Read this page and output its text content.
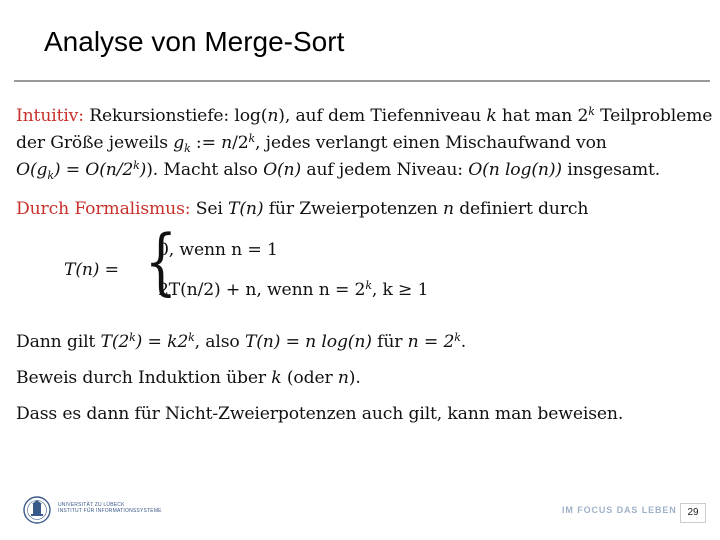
Analyse von Merge-Sort
Intuitiv: Rekursionstiefe: log(n), auf dem Tiefenniveau k hat man 2$^k$ Teilprobleme
der Größe jeweils $g_k$ := $n/2^k$, jedes verlangt einen Mischaufwand von
$O(g_k) = O(n/2^k)$). Macht also O(n) auf jedem Niveau: O(n log(n)) insgesamt.
Durch Formalismus: Sei T(n) für Zweierpotenzen n definiert durch
T(n) = {
0, wenn n = 1
2T(n/2) + n, wenn $n = 2^k$, k ≥ 1
Dann gilt $T(2^k) = k2^k$, also T(n) = n log(n) für $n = 2^k$.
Beweis durch Induktion über k (oder n).
Dass es dann für Nicht-Zweierpotenzen auch gilt, kann man beweisen.
UNIVERSITÄT ZU LÜBECK
INSTITUT FÜR INFORMATIONSSYSTEME	IM FOCUS DAS LEBEN	29
